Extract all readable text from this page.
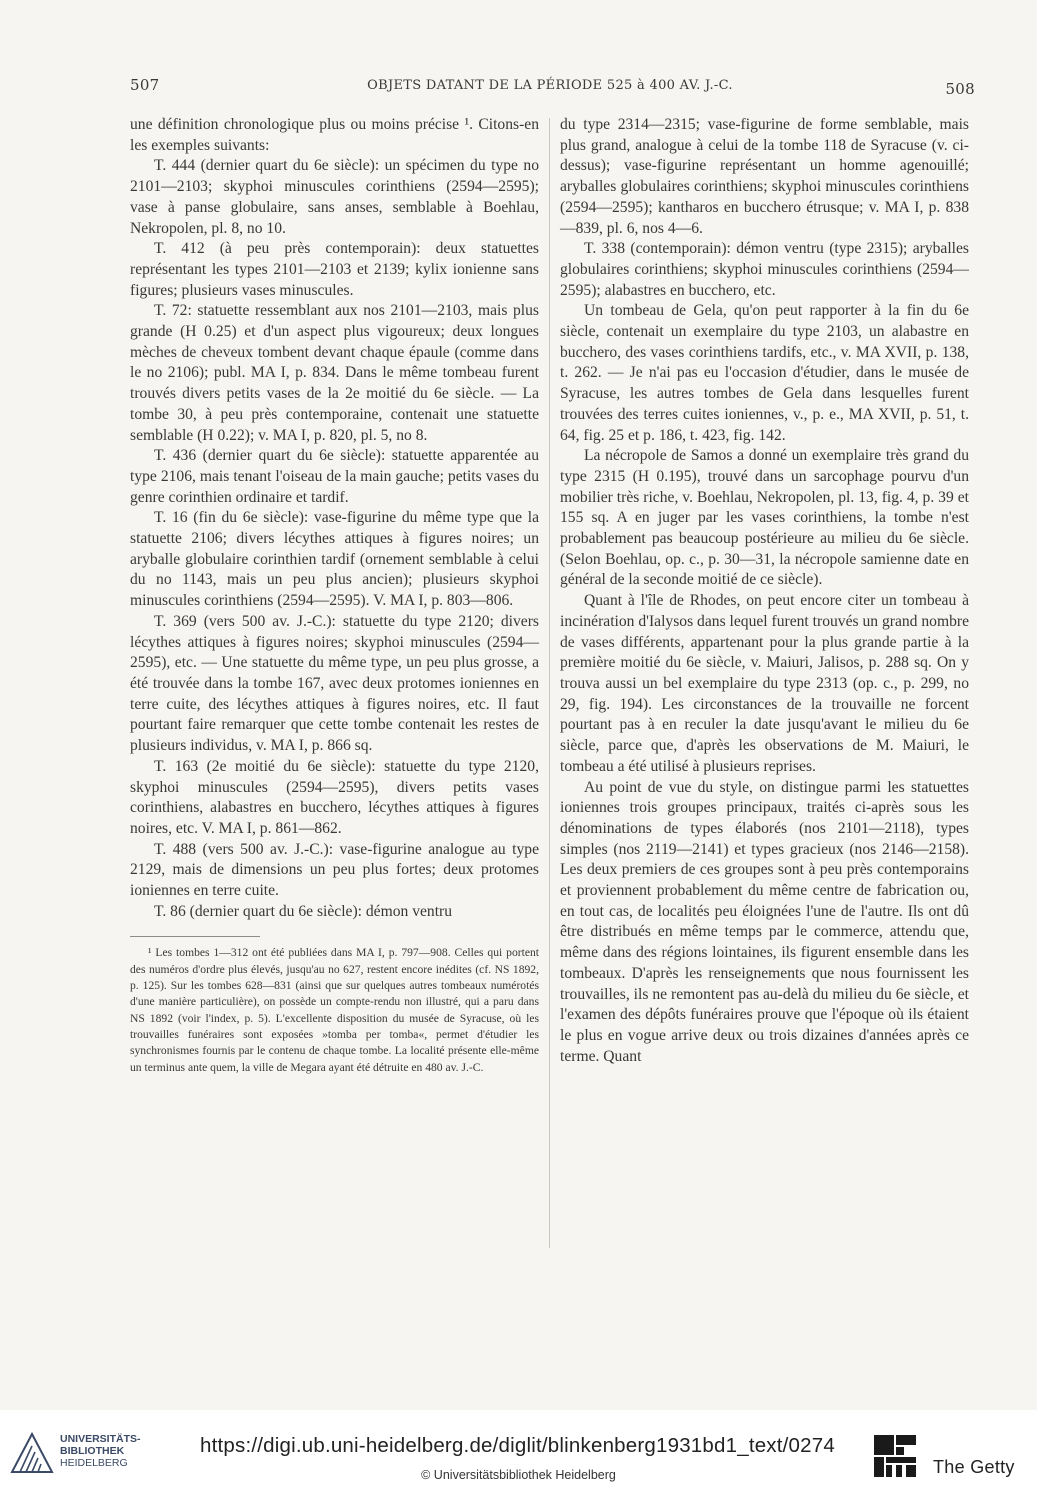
507	OBJETS DATANT DE LA PÉRIODE 525 à 400 AV. J.-C.	508

une définition chronologique plus ou moins précise ¹. Citons-en les exemples suivants:

T. 444 (dernier quart du 6e siècle): un spécimen du type no 2101—2103; skyphoi minuscules corinthiens (2594—2595); vase à panse globulaire, sans anses, semblable à Boehlau, Nekropolen, pl. 8, no 10.

T. 412 (à peu près contemporain): deux statuettes représentant les types 2101—2103 et 2139; kylix ionienne sans figures; plusieurs vases minuscules.

T. 72: statuette ressemblant aux nos 2101—2103, mais plus grande (H 0.25) et d'un aspect plus vigoureux; deux longues mèches de cheveux tombent devant chaque épaule (comme dans le no 2106); publ. MA I, p. 834. Dans le même tombeau furent trouvés divers petits vases de la 2e moitié du 6e siècle. — La tombe 30, à peu près contemporaine, contenait une statuette semblable (H 0.22); v. MA I, p. 820, pl. 5, no 8.

T. 436 (dernier quart du 6e siècle): statuette apparentée au type 2106, mais tenant l'oiseau de la main gauche; petits vases du genre corinthien ordinaire et tardif.

T. 16 (fin du 6e siècle): vase-figurine du même type que la statuette 2106; divers lécythes attiques à figures noires; un aryballe globulaire corinthien tardif (ornement semblable à celui du no 1143, mais un peu plus ancien); plusieurs skyphoi minuscules corinthiens (2594—2595). V. MA I, p. 803—806.

T. 369 (vers 500 av. J.-C.): statuette du type 2120; divers lécythes attiques à figures noires; skyphoi minuscules (2594—2595), etc. — Une statuette du même type, un peu plus grosse, a été trouvée dans la tombe 167, avec deux protomes ioniennes en terre cuite, des lécythes attiques à figures noires, etc. Il faut pourtant faire remarquer que cette tombe contenait les restes de plusieurs individus, v. MA I, p. 866 sq.

T. 163 (2e moitié du 6e siècle): statuette du type 2120, skyphoi minuscules (2594—2595), divers petits vases corinthiens, alabastres en bucchero, lécythes attiques à figures noires, etc. V. MA I, p. 861—862.

T. 488 (vers 500 av. J.-C.): vase-figurine analogue au type 2129, mais de dimensions un peu plus fortes; deux protomes ioniennes en terre cuite.

T. 86 (dernier quart du 6e siècle): démon ventru

¹ Les tombes 1—312 ont été publiées dans MA I, p. 797—908. Celles qui portent des numéros d'ordre plus élevés, jusqu'au no 627, restent encore inédites (cf. NS 1892, p. 125). Sur les tombes 628—831 (ainsi que sur quelques autres tombeaux numérotés d'une manière particulière), on possède un compte-rendu non illustré, qui a paru dans NS 1892 (voir l'index, p. 5). L'excellente disposition du musée de Syracuse, où les trouvailles funéraires sont exposées »tomba per tomba«, permet d'étudier les synchronismes fournis par le contenu de chaque tombe. La localité présente elle-même un terminus ante quem, la ville de Megara ayant été détruite en 480 av. J.-C.

du type 2314—2315; vase-figurine de forme semblable, mais plus grand, analogue à celui de la tombe 118 de Syracuse (v. ci-dessus); vase-figurine représentant un homme agenouillé; aryballes globulaires corinthiens; skyphoi minuscules corinthiens (2594—2595); kantharos en bucchero étrusque; v. MA I, p. 838—839, pl. 6, nos 4—6.

T. 338 (contemporain): démon ventru (type 2315); aryballes globulaires corinthiens; skyphoi minuscules corinthiens (2594—2595); alabastres en bucchero, etc.

Un tombeau de Gela, qu'on peut rapporter à la fin du 6e siècle, contenait un exemplaire du type 2103, un alabastre en bucchero, des vases corinthiens tardifs, etc., v. MA XVII, p. 138, t. 262. — Je n'ai pas eu l'occasion d'étudier, dans le musée de Syracuse, les autres tombes de Gela dans lesquelles furent trouvées des terres cuites ioniennes, v., p. e., MA XVII, p. 51, t. 64, fig. 25 et p. 186, t. 423, fig. 142.

La nécropole de Samos a donné un exemplaire très grand du type 2315 (H 0.195), trouvé dans un sarcophage pourvu d'un mobilier très riche, v. Boehlau, Nekropolen, pl. 13, fig. 4, p. 39 et 155 sq. A en juger par les vases corinthiens, la tombe n'est probablement pas beaucoup postérieure au milieu du 6e siècle. (Selon Boehlau, op. c., p. 30—31, la nécropole samienne date en général de la seconde moitié de ce siècle).

Quant à l'île de Rhodes, on peut encore citer un tombeau à incinération d'Ialysos dans lequel furent trouvés un grand nombre de vases différents, appartenant pour la plus grande partie à la première moitié du 6e siècle, v. Maiuri, Jalisos, p. 288 sq. On y trouva aussi un bel exemplaire du type 2313 (op. c., p. 299, no 29, fig. 194). Les circonstances de la trouvaille ne forcent pourtant pas à en reculer la date jusqu'avant le milieu du 6e siècle, parce que, d'après les observations de M. Maiuri, le tombeau a été utilisé à plusieurs reprises.

Au point de vue du style, on distingue parmi les statuettes ioniennes trois groupes principaux, traités ci-après sous les dénominations de types élaborés (nos 2101—2118), types simples (nos 2119—2141) et types gracieux (nos 2146—2158). Les deux premiers de ces groupes sont à peu près contemporains et proviennent probablement du même centre de fabrication ou, en tout cas, de localités peu éloignées l'une de l'autre. Ils ont dû être distribués en même temps par le commerce, attendu que, même dans des régions lointaines, ils figurent ensemble dans les tombeaux. D'après les renseignements que nous fournissent les trouvailles, ils ne remontent pas au-delà du milieu du 6e siècle, et l'examen des dépôts funéraires prouve que l'époque où ils étaient le plus en vogue arrive deux ou trois dizaines d'années après ce terme. Quant

UNIVERSITÄTS-
BIBLIOTHEK
HEIDELBERG
https://digi.ub.uni-heidelberg.de/diglit/blinkenberg1931bd1_text/0274
© Universitätsbibliothek Heidelberg	The Getty
